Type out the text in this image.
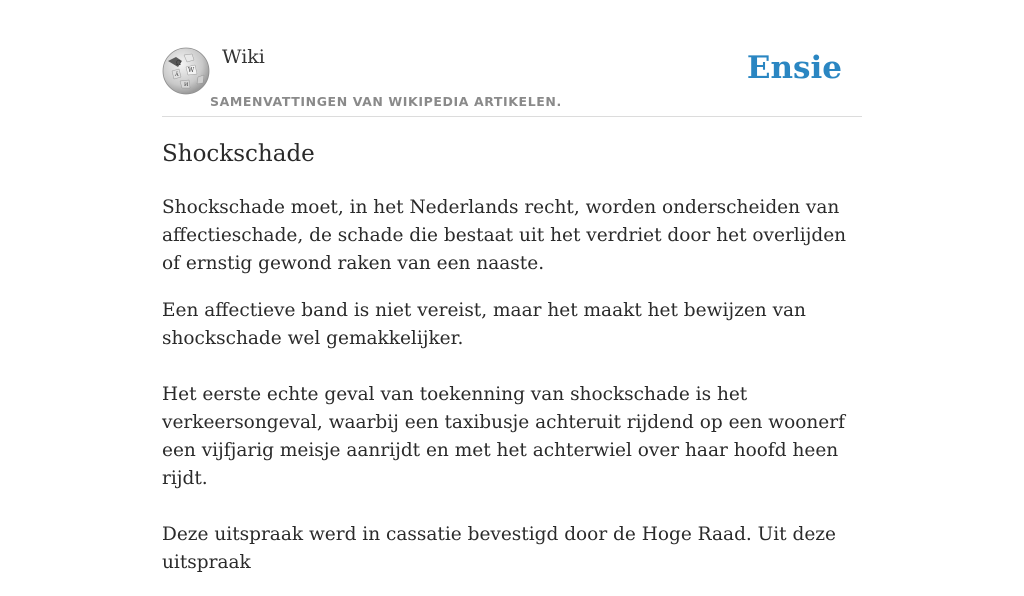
Ω
W
Ä
И
Wiki
SAMENVATTINGEN VAN WIKIPEDIA ARTIKELEN.
Ensie
Shockschade

Shockschade moet, in het Nederlands recht, worden onderscheiden van affectieschade, de schade die bestaat uit het verdriet door het overlijden of ernstig gewond raken van een naaste.

Een affectieve band is niet vereist, maar het maakt het bewijzen van shockschade wel gemakkelijker.

Het eerste echte geval van toekenning van shockschade is het verkeersongeval, waarbij een taxibusje achteruit rijdend op een woonerf een vijfjarig meisje aanrijdt en met het achterwiel over haar hoofd heen rijdt.

Deze uitspraak werd in cassatie bevestigd door de Hoge Raad. Uit deze uitspraak
